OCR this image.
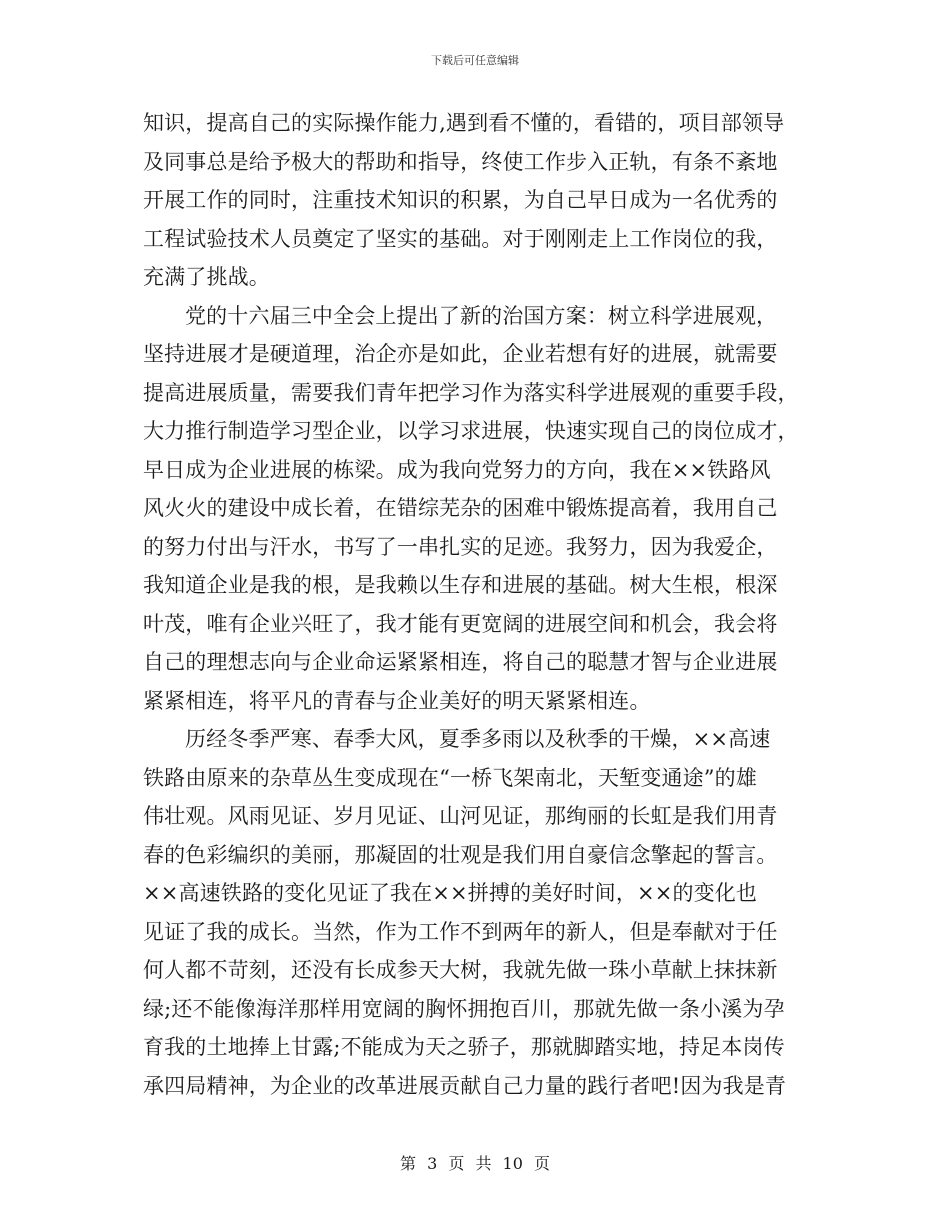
下载后可任意编辑
知识，提高自己的实际操作能力,遇到看不懂的，看错的，项目部领导
及同事总是给予极大的帮助和指导，终使工作步入正轨，有条不紊地
开展工作的同时，注重技术知识的积累，为自己早日成为一名优秀的
工程试验技术人员奠定了坚实的基础。对于刚刚走上工作岗位的我，
充满了挑战。
党的十六届三中全会上提出了新的治国方案：树立科学进展观，
坚持进展才是硬道理，治企亦是如此，企业若想有好的进展，就需要
提高进展质量，需要我们青年把学习作为落实科学进展观的重要手段，
大力推行制造学习型企业，以学习求进展，快速实现自己的岗位成才，
早日成为企业进展的栋梁。成为我向党努力的方向，我在××铁路风
风火火的建设中成长着，在错综芜杂的困难中锻炼提高着，我用自己
的努力付出与汗水，书写了一串扎实的足迹。我努力，因为我爱企，
我知道企业是我的根，是我赖以生存和进展的基础。树大生根，根深
叶茂，唯有企业兴旺了，我才能有更宽阔的进展空间和机会，我会将
自己的理想志向与企业命运紧紧相连，将自己的聪慧才智与企业进展
紧紧相连，将平凡的青春与企业美好的明天紧紧相连。
历经冬季严寒、春季大风，夏季多雨以及秋季的干燥，××高速
铁路由原来的杂草丛生变成现在“一桥飞架南北，天堑变通途”的雄
伟壮观。风雨见证、岁月见证、山河见证，那绚丽的长虹是我们用青
春的色彩编织的美丽，那凝固的壮观是我们用自豪信念擎起的誓言。
××高速铁路的变化见证了我在××拼搏的美好时间，××的变化也
见证了我的成长。当然，作为工作不到两年的新人，但是奉献对于任
何人都不苛刻，还没有长成参天大树，我就先做一珠小草献上抹抹新
绿;还不能像海洋那样用宽阔的胸怀拥抱百川，那就先做一条小溪为孕
育我的土地捧上甘露;不能成为天之骄子，那就脚踏实地，持足本岗传
承四局精神，为企业的改革进展贡献自己力量的践行者吧!因为我是青
第 3 页 共 10 页
